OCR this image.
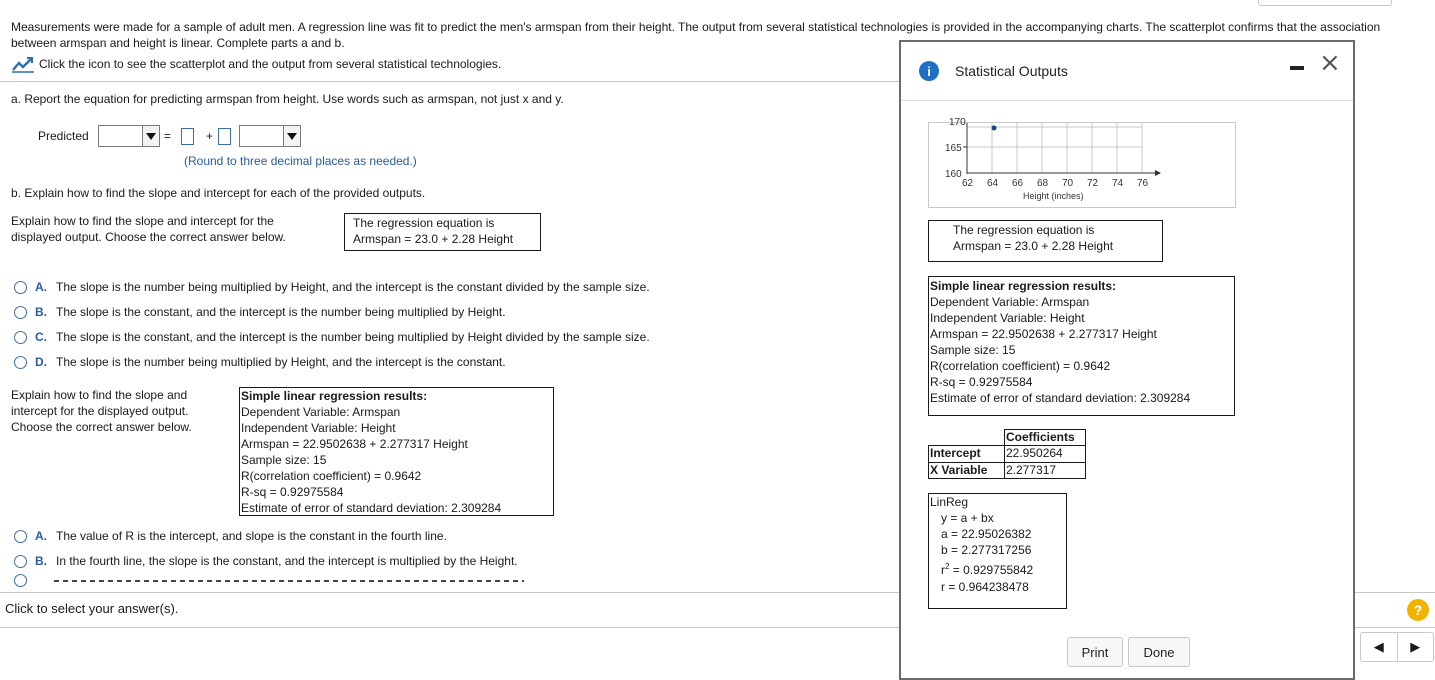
Measurements were made for a sample of adult men. A regression line was fit to predict the men's armspan from their height. The output from several statistical technologies is provided in the accompanying charts. The scatterplot confirms that the association between armspan and height is linear. Complete parts a and b.
Click the icon to see the scatterplot and the output from several statistical technologies.
a. Report the equation for predicting armspan from height. Use words such as armspan, not just x and y.
Predicted	=	+
(Round to three decimal places as needed.)
b. Explain how to find the slope and intercept for each of the provided outputs.
Explain how to find the slope and intercept for the
displayed output. Choose the correct answer below.
The regression equation is
Armspan = 23.0 + 2.28 Height
A. The slope is the number being multiplied by Height, and the intercept is the constant divided by the sample size.
B. The slope is the constant, and the intercept is the number being multiplied by Height.
C. The slope is the constant, and the intercept is the number being multiplied by Height divided by the sample size.
D. The slope is the number being multiplied by Height, and the intercept is the constant.
Explain how to find the slope and
intercept for the displayed output.
Choose the correct answer below.
Simple linear regression results:
Dependent Variable: Armspan
Independent Variable: Height
Armspan = 22.9502638 + 2.277317 Height
Sample size: 15
R(correlation coefficient) = 0.9642
R-sq = 0.92975584
Estimate of error of standard deviation: 2.309284
A. The value of R is the intercept, and slope is the constant in the fourth line.
B. In the fourth line, the slope is the constant, and the intercept is multiplied by the Height.
Click to select your answer(s).	?
◀ ▶
i Statistical Outputs	×
170
165
160
62 64 66 68 70 72 74 76
Height (inches)
The regression equation is
Armspan = 23.0 + 2.28 Height
Simple linear regression results:
Dependent Variable: Armspan
Independent Variable: Height
Armspan = 22.9502638 + 2.277317 Height
Sample size: 15
R(correlation coefficient) = 0.9642
R-sq = 0.92975584
Estimate of error of standard deviation: 2.309284
Coefficients
Intercept	22.950264
X Variable	2.277317
LinReg
y = a + bx
a = 22.95026382
b = 2.277317256
$r^2 = 0.929755842$
r = 0.964238478
Print	Done
